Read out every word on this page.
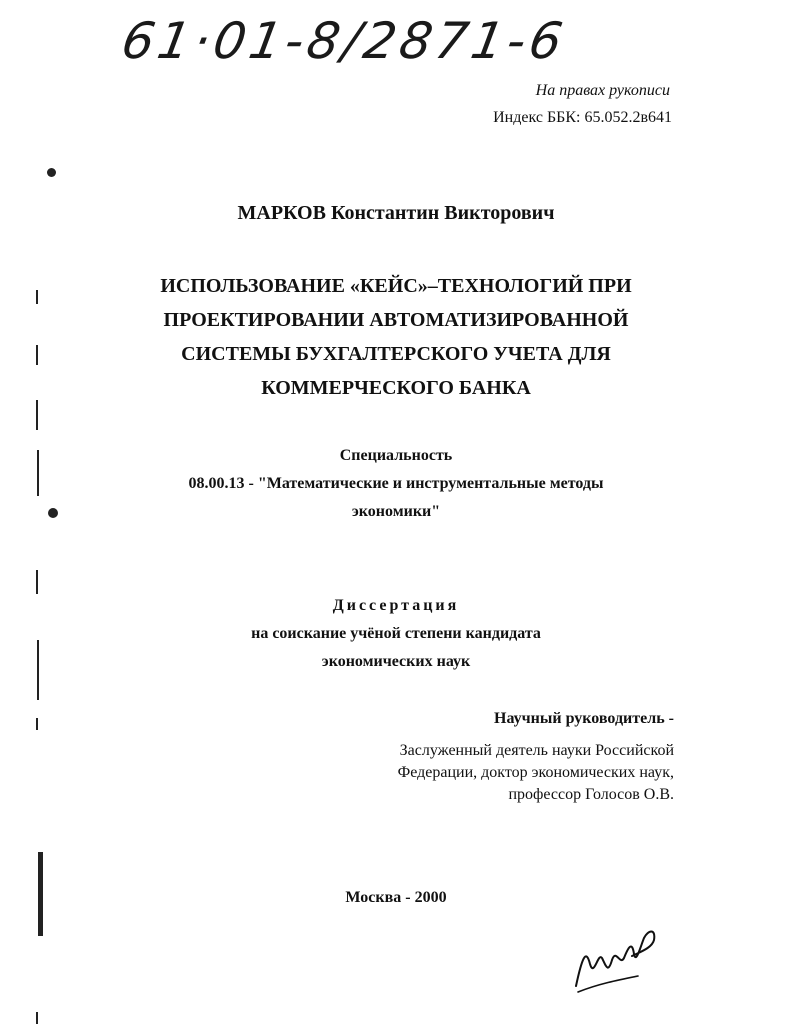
61·01-8/2871-6
На правах рукописи
Индекс ББК: 65.052.2в641
МАРКОВ Константин Викторович
ИСПОЛЬЗОВАНИЕ «КЕЙС»–ТЕХНОЛОГИЙ ПРИ
ПРОЕКТИРОВАНИИ АВТОМАТИЗИРОВАННОЙ
СИСТЕМЫ БУХГАЛТЕРСКОГО УЧЕТА ДЛЯ
КОММЕРЧЕСКОГО БАНКА
Специальность
08.00.13 - "Математические и инструментальные методы
экономики"
Диссертация
на соискание учёной степени кандидата
экономических наук
Научный руководитель -
Заслуженный деятель науки Российской
Федерации, доктор экономических наук,
профессор Голосов О.В.
Москва - 2000
